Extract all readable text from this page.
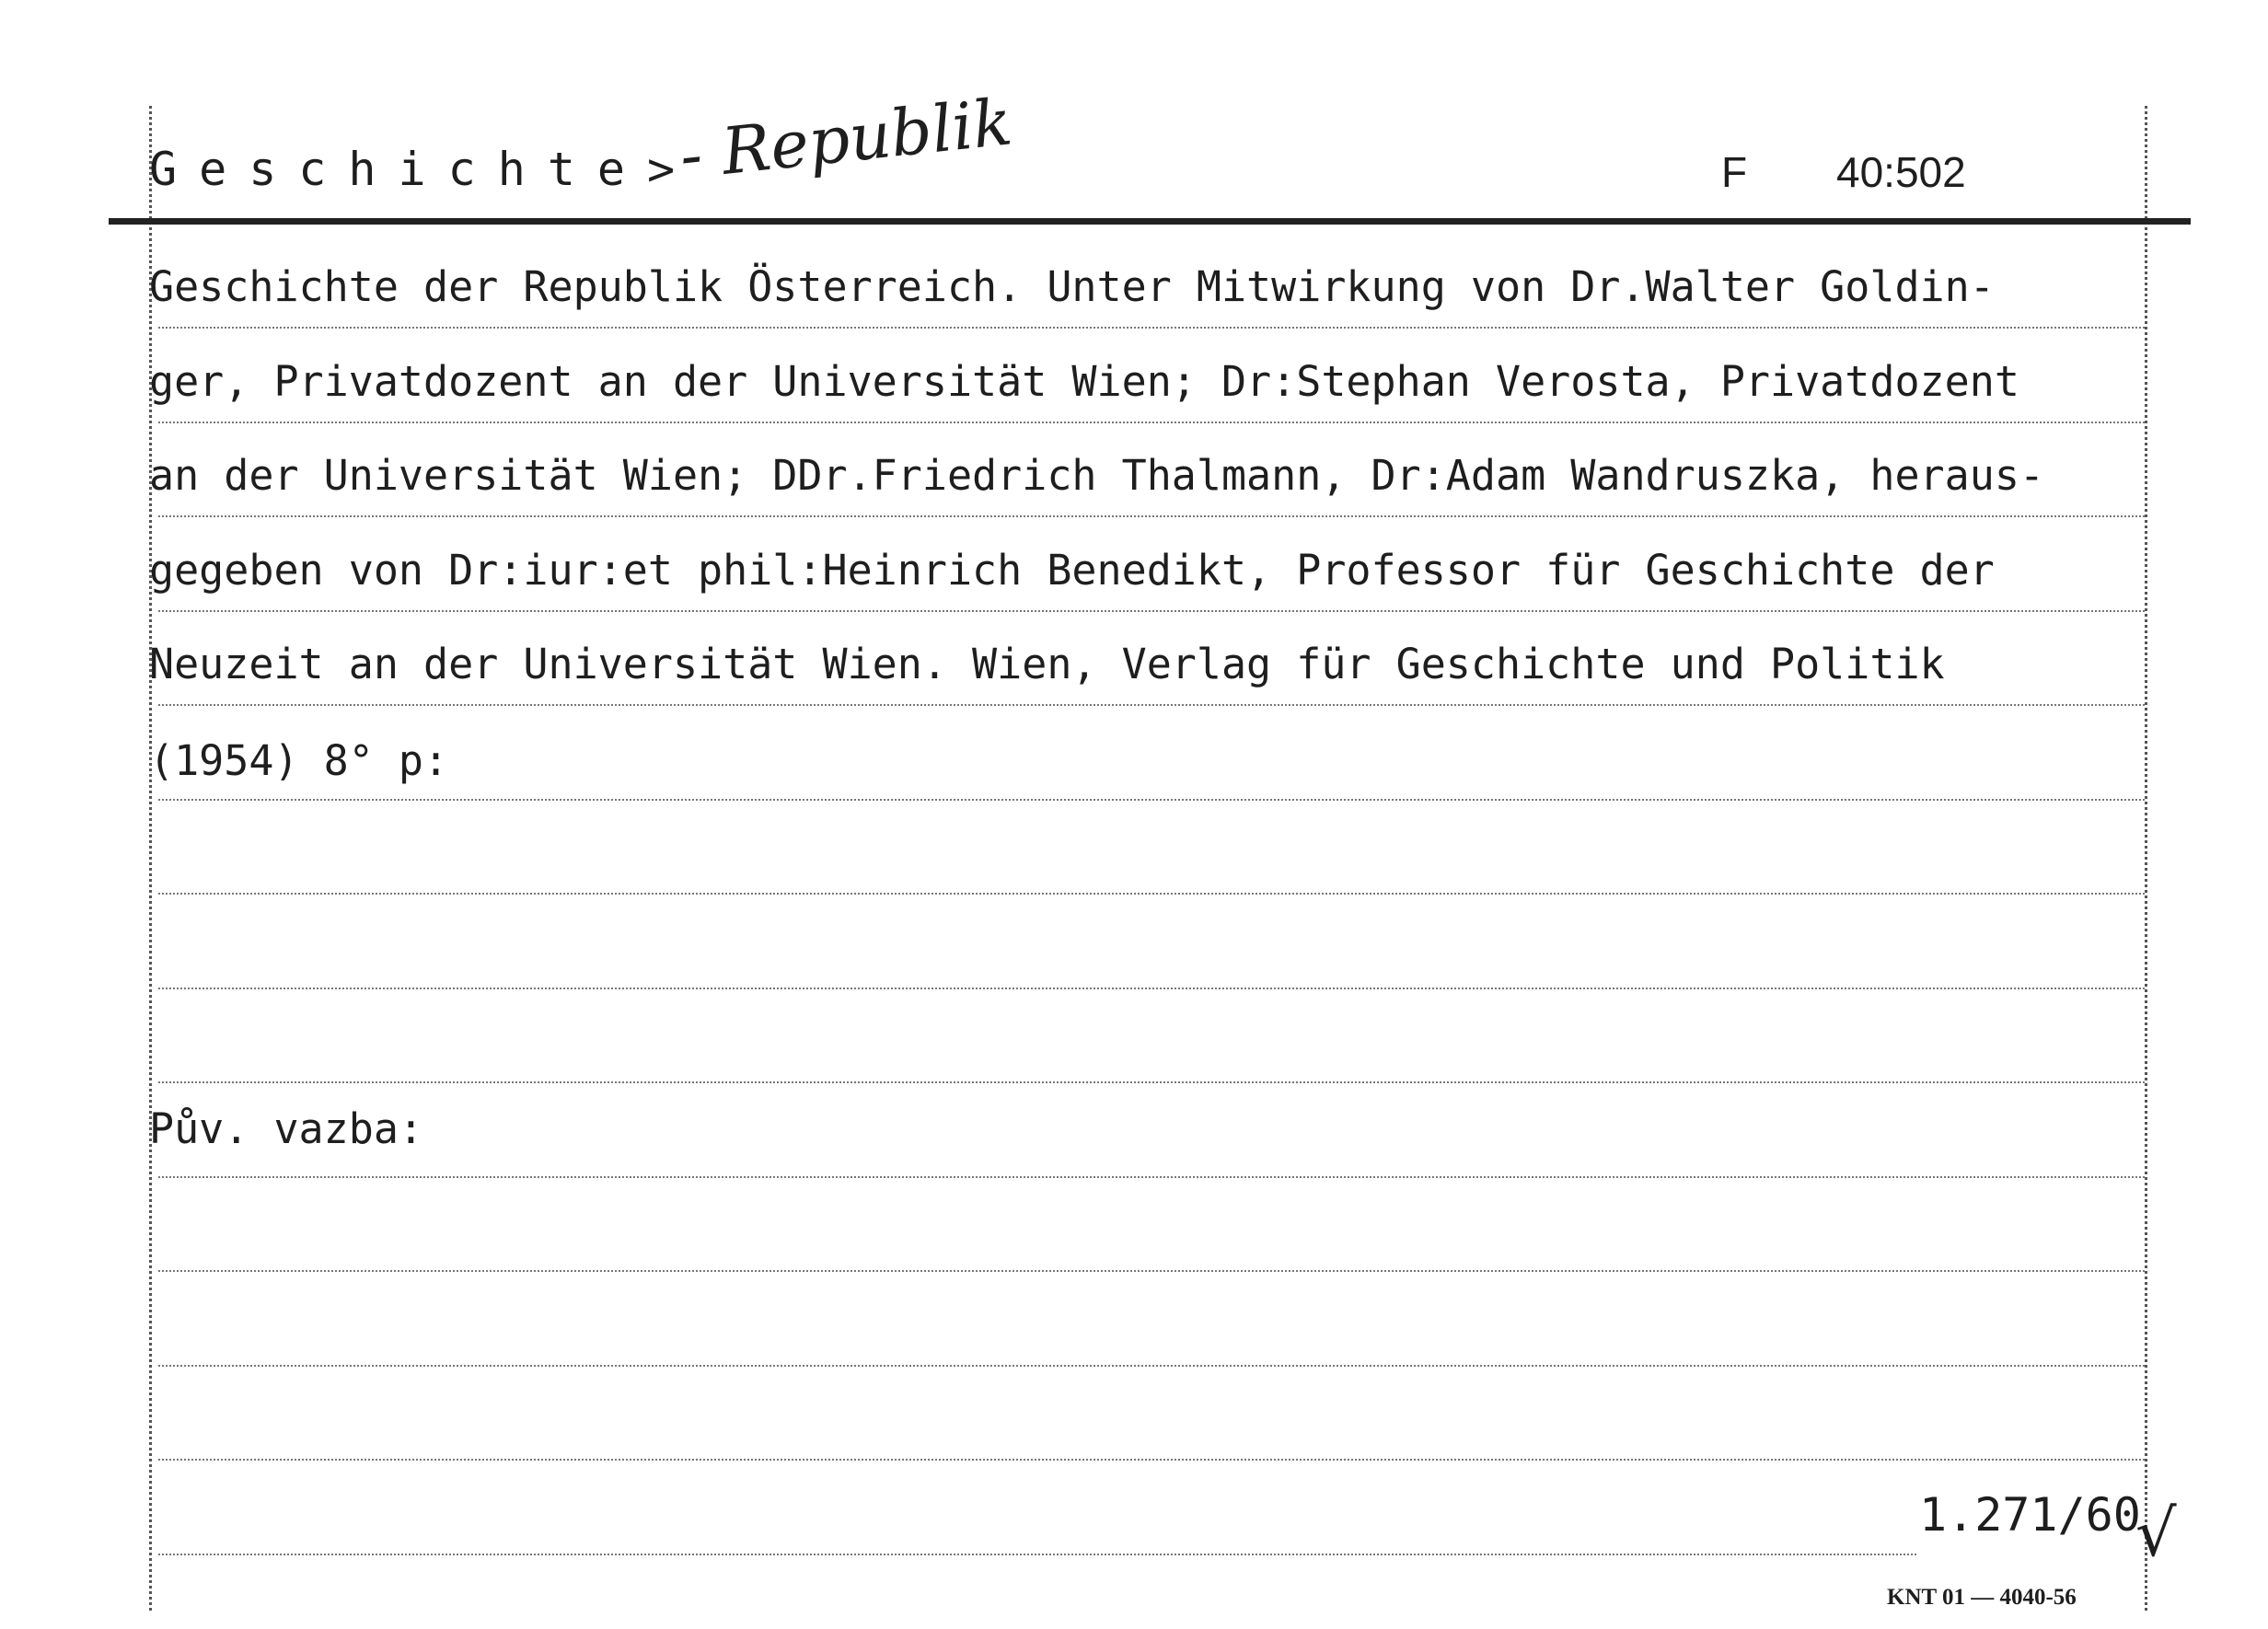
Geschichte> - Republik	F 40:502
Geschichte der Republik Österreich. Unter Mitwirkung von Dr.Walter Goldin-
ger, Privatdozent an der Universität Wien; Dr:Stephan Verosta, Privatdozent
an der Universität Wien; DDr.Friedrich Thalmann, Dr:Adam Wandruszka, heraus-
gegeben von Dr:iur:et phil:Heinrich Benedikt, Professor für Geschichte der
Neuzeit an der Universität Wien. Wien, Verlag für Geschichte und Politik
(1954) 8° p:
Pův. vazba:
1.271/60
√
KNT 01 — 4040-56
